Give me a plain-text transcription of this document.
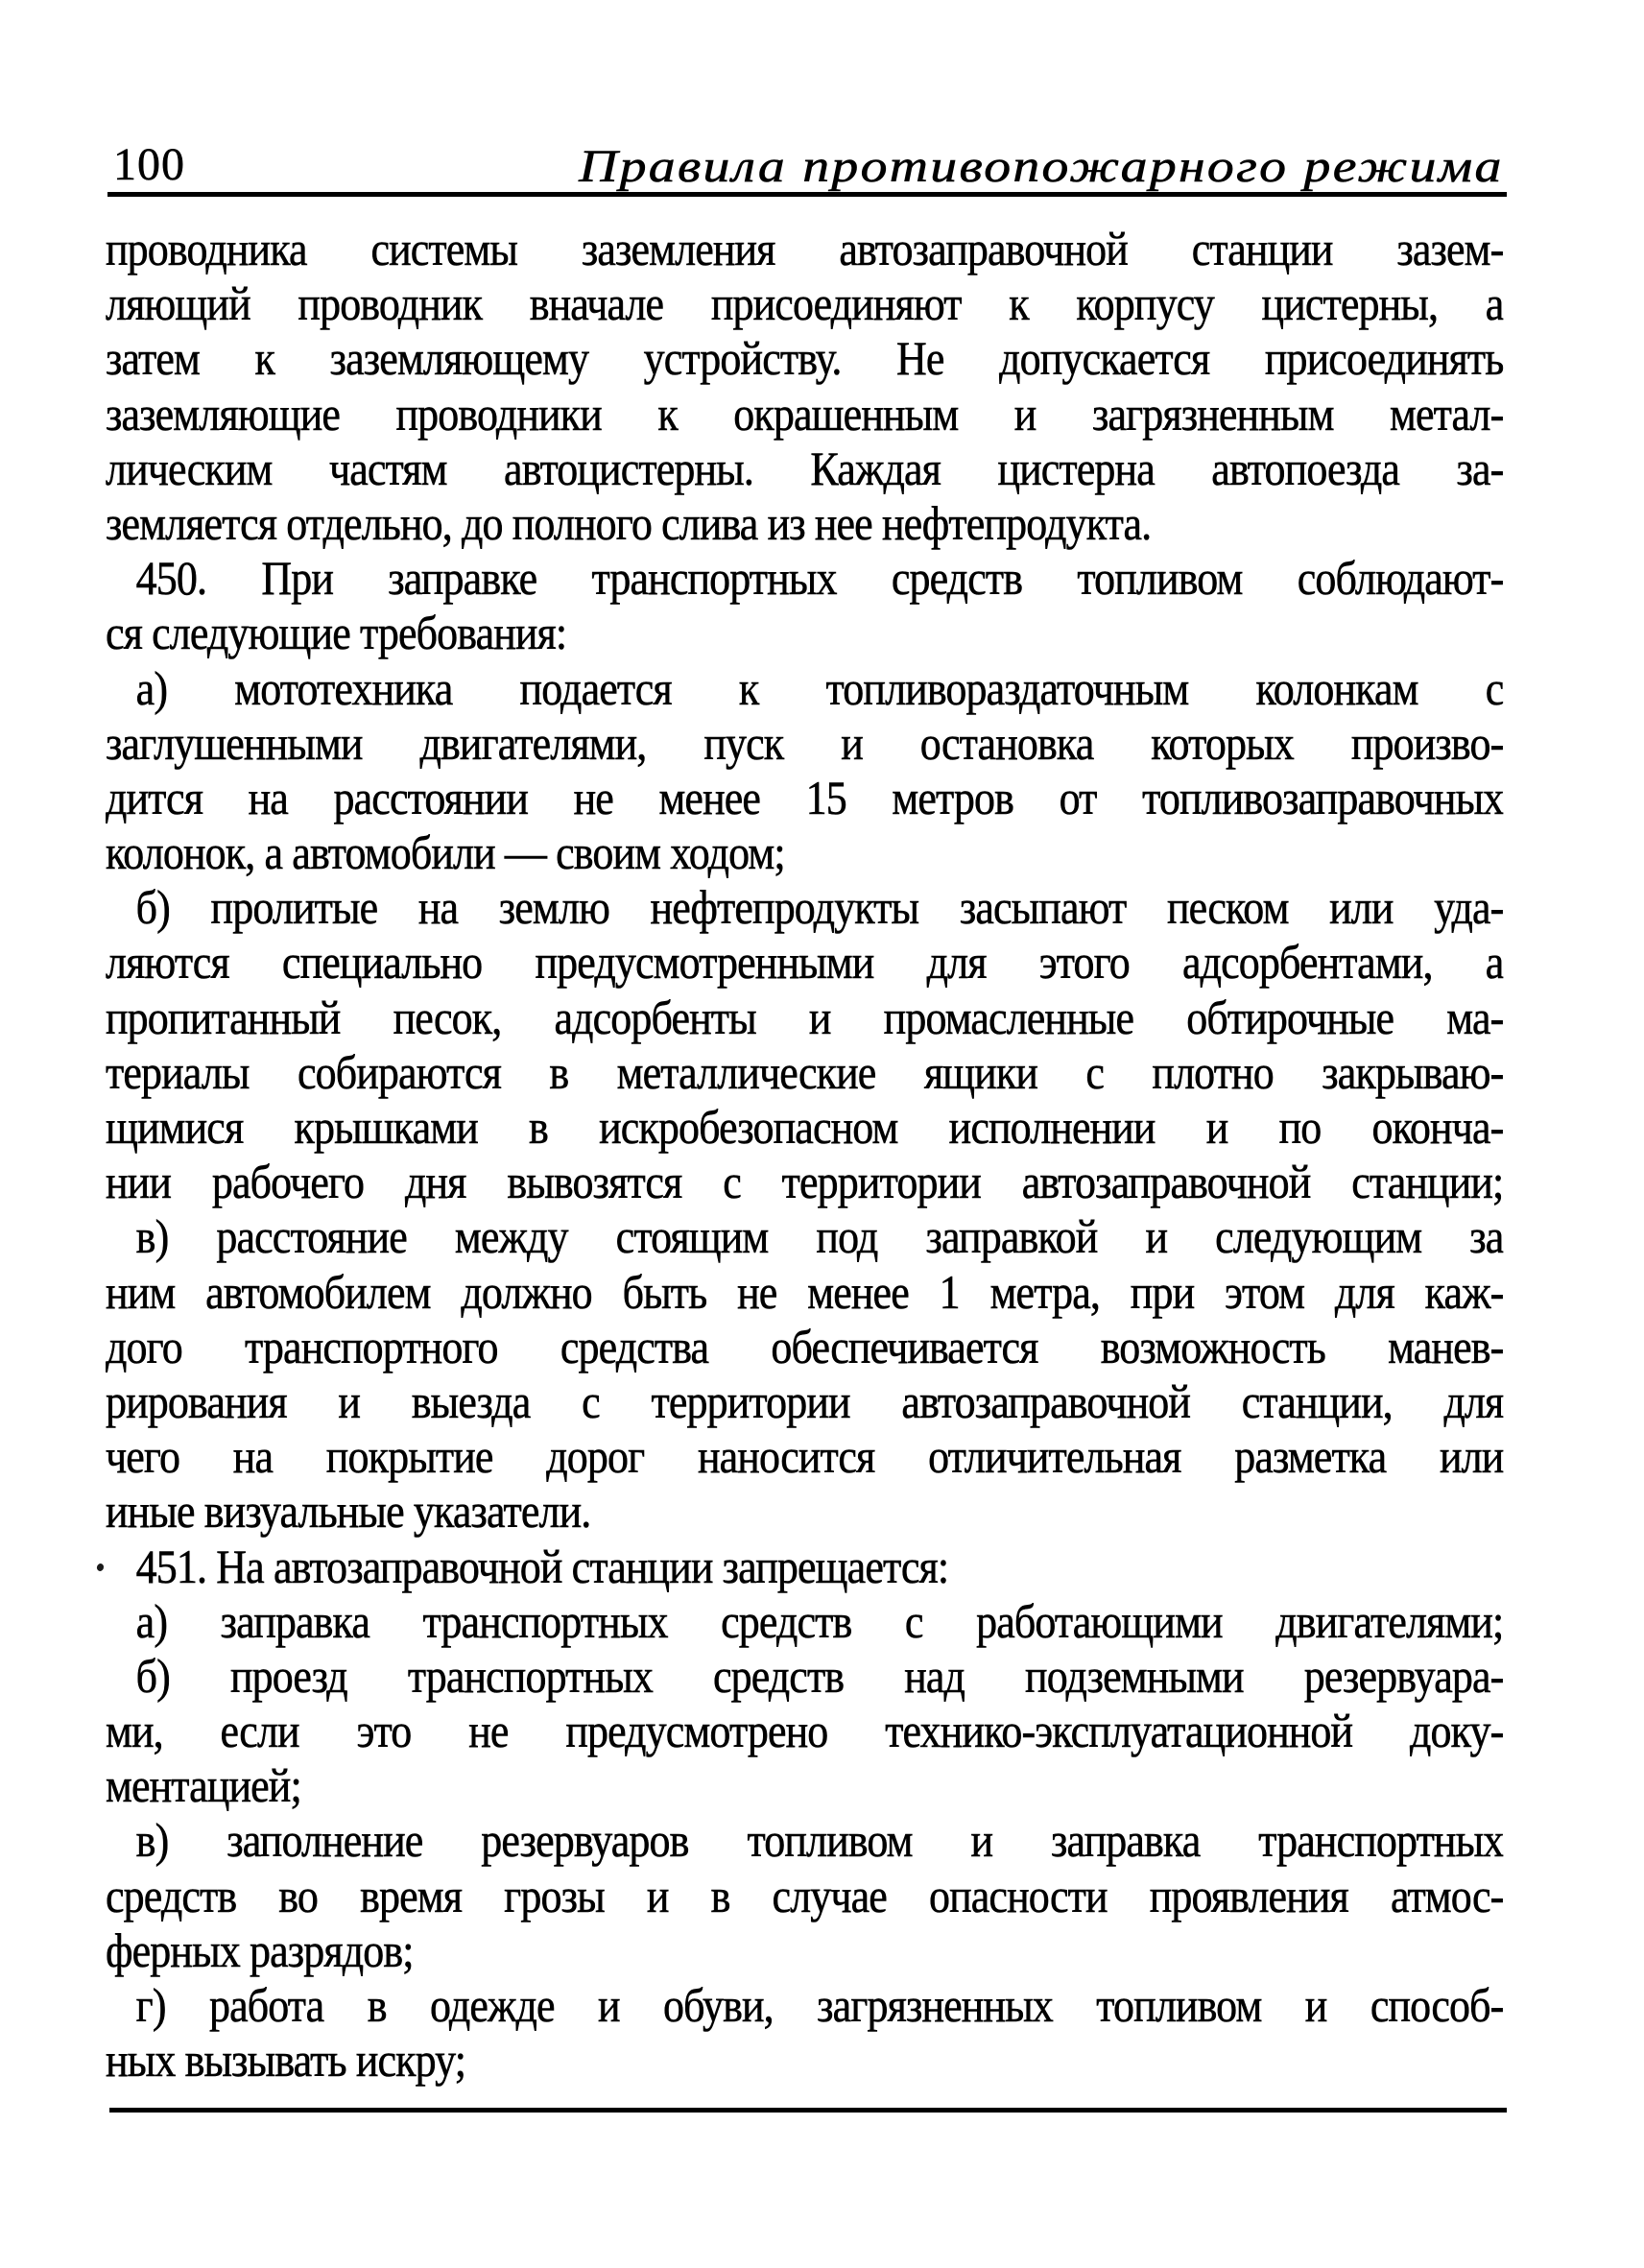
100	Правила противопожарного режима
проводника системы заземления автозаправочной станции зазем-
ляющий проводник вначале присоединяют к корпусу цистерны, а
затем к заземляющему устройству. Не допускается присоединять
заземляющие проводники к окрашенным и загрязненным метал-
лическим частям автоцистерны. Каждая цистерна автопоезда за-
земляется отдельно, до полного слива из нее нефтепродукта.
450. При заправке транспортных средств топливом соблюдают-
ся следующие требования:
а) мототехника подается к топливораздаточным колонкам с
заглушенными двигателями, пуск и остановка которых произво-
дится на расстоянии не менее 15 метров от топливозаправочных
колонок, а автомобили — своим ходом;
б) пролитые на землю нефтепродукты засыпают песком или уда-
ляются специально предусмотренными для этого адсорбентами, а
пропитанный песок, адсорбенты и промасленные обтирочные ма-
териалы собираются в металлические ящики с плотно закрываю-
щимися крышками в искробезопасном исполнении и по оконча-
нии рабочего дня вывозятся с территории автозаправочной станции;
в) расстояние между стоящим под заправкой и следующим за
ним автомобилем должно быть не менее 1 метра, при этом для каж-
дого транспортного средства обеспечивается возможность манев-
рирования и выезда с территории автозаправочной станции, для
чего на покрытие дорог наносится отличительная разметка или
иные визуальные указатели.
451. На автозаправочной станции запрещается:
а) заправка транспортных средств с работающими двигателями;
б) проезд транспортных средств над подземными резервуара-
ми, если это не предусмотрено технико-эксплуатационной доку-
ментацией;
в) заполнение резервуаров топливом и заправка транспортных
средств во время грозы и в случае опасности проявления атмос-
ферных разрядов;
г) работа в одежде и обуви, загрязненных топливом и способ-
ных вызывать искру;
